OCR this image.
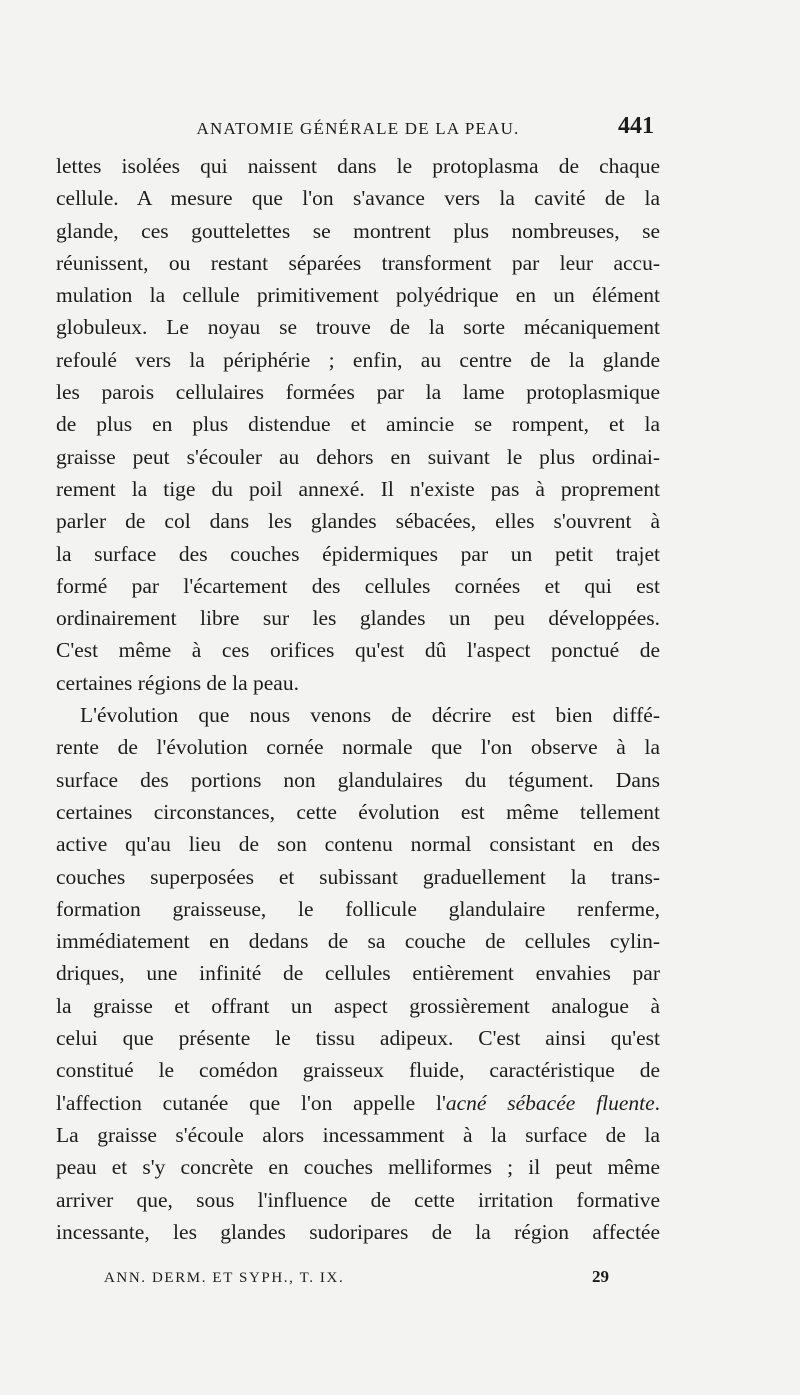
ANATOMIE GÉNÉRALE DE LA PEAU.	441
lettes isolées qui naissent dans le protoplasma de chaque
cellule. A mesure que l'on s'avance vers la cavité de la
glande, ces gouttelettes se montrent plus nombreuses, se
réunissent, ou restant séparées transforment par leur accu-
mulation la cellule primitivement polyédrique en un élément
globuleux. Le noyau se trouve de la sorte mécaniquement
refoulé vers la périphérie ; enfin, au centre de la glande
les parois cellulaires formées par la lame protoplasmique
de plus en plus distendue et amincie se rompent, et la
graisse peut s'écouler au dehors en suivant le plus ordinai-
rement la tige du poil annexé. Il n'existe pas à proprement
parler de col dans les glandes sébacées, elles s'ouvrent à
la surface des couches épidermiques par un petit trajet
formé par l'écartement des cellules cornées et qui est
ordinairement libre sur les glandes un peu développées.
C'est même à ces orifices qu'est dû l'aspect ponctué de
certaines régions de la peau.
L'évolution que nous venons de décrire est bien diffé-
rente de l'évolution cornée normale que l'on observe à la
surface des portions non glandulaires du tégument. Dans
certaines circonstances, cette évolution est même tellement
active qu'au lieu de son contenu normal consistant en des
couches superposées et subissant graduellement la trans-
formation graisseuse, le follicule glandulaire renferme,
immédiatement en dedans de sa couche de cellules cylin-
driques, une infinité de cellules entièrement envahies par
la graisse et offrant un aspect grossièrement analogue à
celui que présente le tissu adipeux. C'est ainsi qu'est
constitué le comédon graisseux fluide, caractéristique de
l'affection cutanée que l'on appelle l'acné sébacée fluente.
La graisse s'écoule alors incessamment à la surface de la
peau et s'y concrète en couches melliformes ; il peut même
arriver que, sous l'influence de cette irritation formative
incessante, les glandes sudoripares de la région affectée
ANN. DERM. ET SYPH., T. IX.	29
